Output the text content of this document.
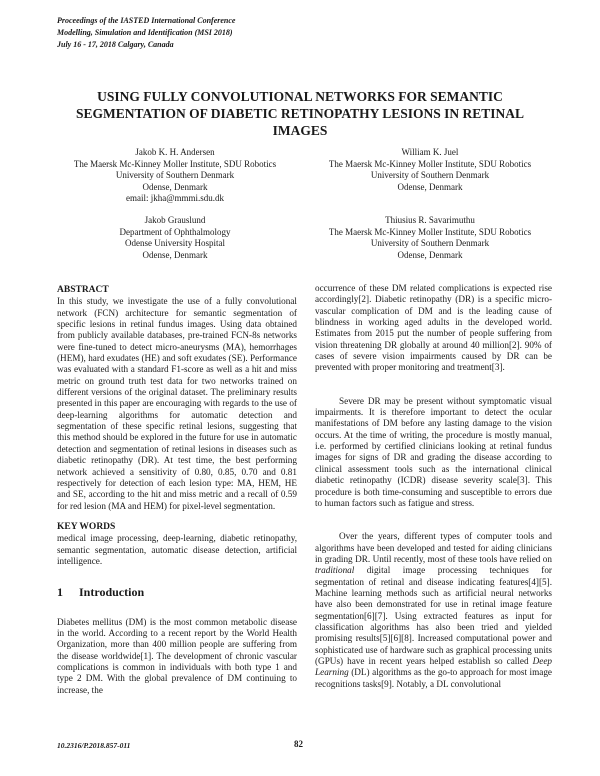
Proceedings of the IASTED International Conference
Modelling, Simulation and Identification (MSI 2018)
July 16 - 17, 2018 Calgary, Canada
USING FULLY CONVOLUTIONAL NETWORKS FOR SEMANTIC
SEGMENTATION OF DIABETIC RETINOPATHY LESIONS IN RETINAL
IMAGES
Jakob K. H. Andersen
The Maersk Mc-Kinney Moller Institute, SDU Robotics
University of Southern Denmark
Odense, Denmark
email: jkha@mmmi.sdu.dk
William K. Juel
The Maersk Mc-Kinney Moller Institute, SDU Robotics
University of Southern Denmark
Odense, Denmark
Jakob Grauslund
Department of Ophthalmology
Odense University Hospital
Odense, Denmark
Thiusius R. Savarimuthu
The Maersk Mc-Kinney Moller Institute, SDU Robotics
University of Southern Denmark
Odense, Denmark

ABSTRACT

In this study, we investigate the use of a fully convolutional network (FCN) architecture for semantic segmentation of specific lesions in retinal fundus images. Using data obtained from publicly available databases, pre-trained FCN-8s networks were fine-tuned to detect micro-aneurysms (MA), hemorrhages (HEM), hard exudates (HE) and soft exudates (SE). Performance was evaluated with a standard F1-score as well as a hit and miss metric on ground truth test data for two networks trained on different versions of the original dataset. The preliminary results presented in this paper are encouraging with regards to the use of deep-learning algorithms for automatic detection and segmentation of these specific retinal lesions, suggesting that this method should be explored in the future for use in automatic detection and segmentation of retinal lesions in diseases such as diabetic retinopathy (DR). At test time, the best performing network achieved a sensitivity of 0.80, 0.85, 0.70 and 0.81 respectively for detection of each lesion type: MA, HEM, HE and SE, according to the hit and miss metric and a recall of 0.59 for red lesion (MA and HEM) for pixel-level segmentation.

KEY WORDS

medical image processing, deep-learning, diabetic retinopathy, semantic segmentation, automatic disease detection, artificial intelligence.

1 Introduction

Diabetes mellitus (DM) is the most common metabolic disease in the world. According to a recent report by the World Health Organization, more than 400 million people are suffering from the disease worldwide[1]. The development of chronic vascular complications is common in individuals with both type 1 and type 2 DM. With the global prevalence of DM continuing to increase, the

occurrence of these DM related complications is expected rise accordingly[2]. Diabetic retinopathy (DR) is a specific micro-vascular complication of DM and is the leading cause of blindness in working aged adults in the developed world. Estimates from 2015 put the number of people suffering from vision threatening DR globally at around 40 million[2]. 90% of cases of severe vision impairments caused by DR can be prevented with proper monitoring and treatment[3].

Severe DR may be present without symptomatic visual impairments. It is therefore important to detect the ocular manifestations of DM before any lasting damage to the vision occurs. At the time of writing, the procedure is mostly manual, i.e. performed by certified clinicians looking at retinal fundus images for signs of DR and grading the disease according to clinical assessment tools such as the international clinical diabetic retinopathy (ICDR) disease severity scale[3]. This procedure is both time-consuming and susceptible to errors due to human factors such as fatigue and stress.

Over the years, different types of computer tools and algorithms have been developed and tested for aiding clinicians in grading DR. Until recently, most of these tools have relied on traditional digital image processing techniques for segmentation of retinal and disease indicating features[4][5]. Machine learning methods such as artificial neural networks have also been demonstrated for use in retinal image feature segmentation[6][7]. Using extracted features as input for classification algorithms has also been tried and yielded promising results[5][6][8]. Increased computational power and sophisticated use of hardware such as graphical processing units (GPUs) have in recent years helped establish so called Deep Learning (DL) algorithms as the go-to approach for most image recognitions tasks[9]. Notably, a DL convolutional

10.2316/P.2018.857-011	82
